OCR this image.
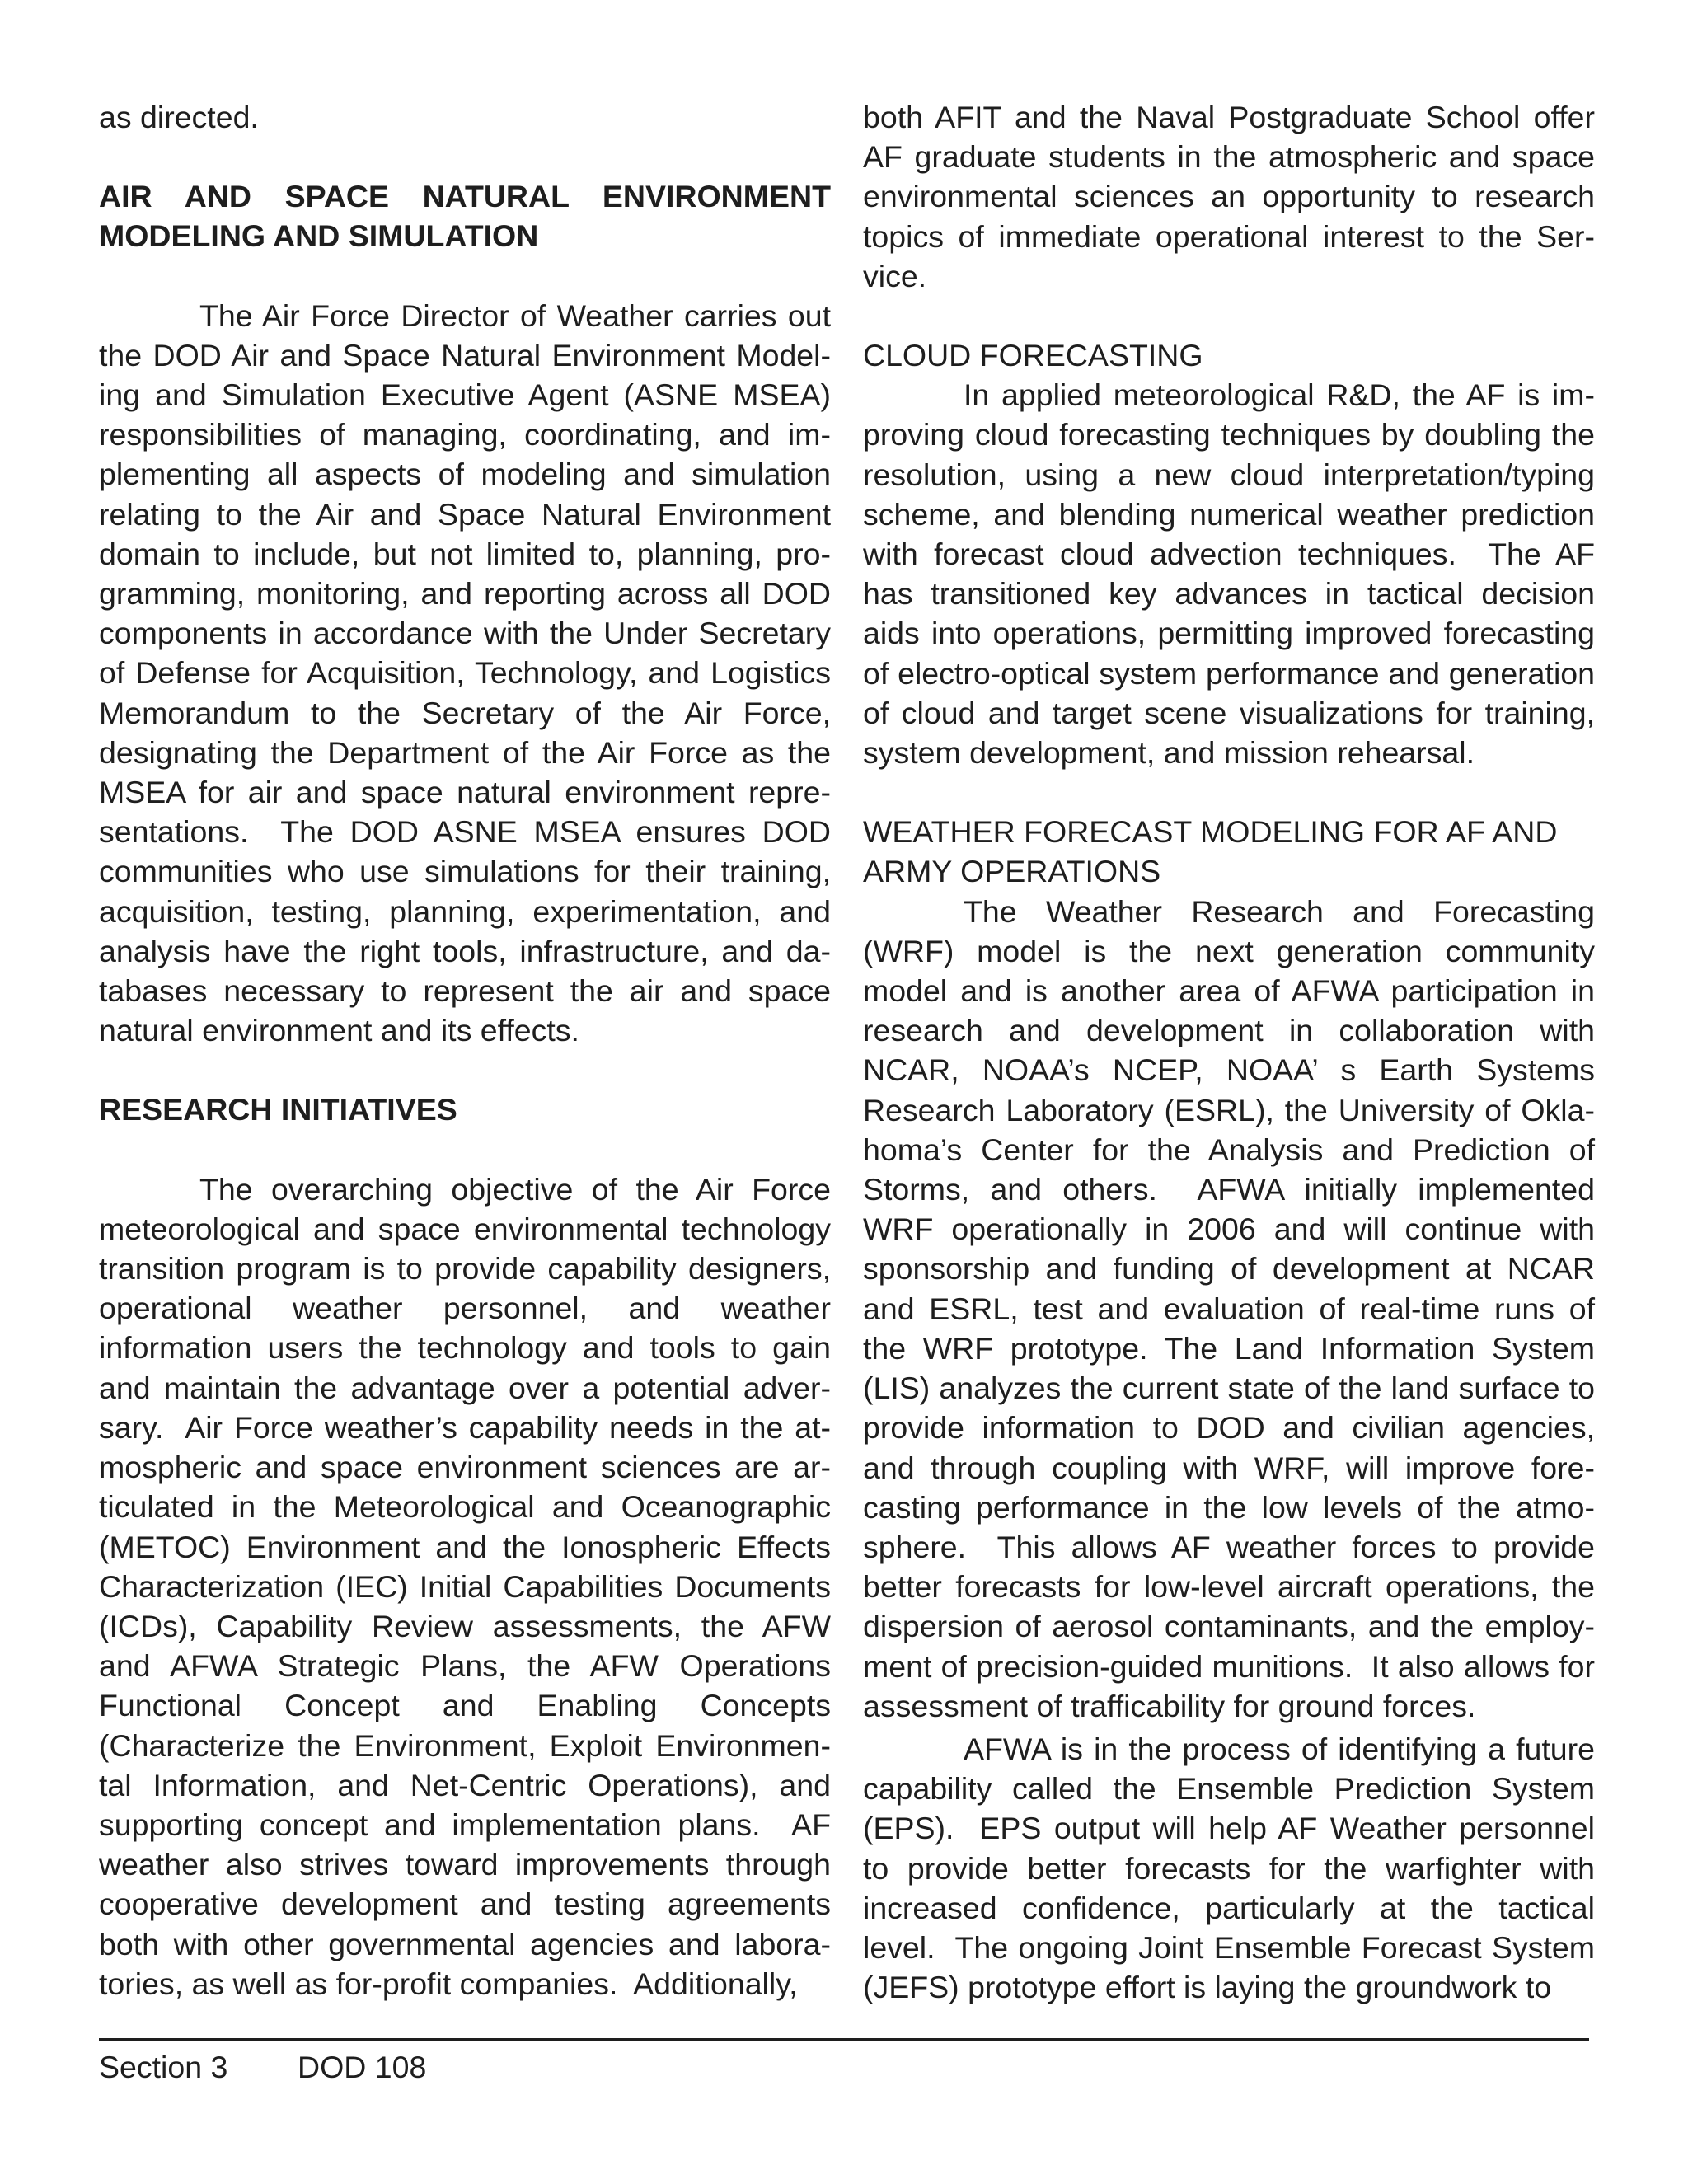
as directed.

AIR AND SPACE NATURAL ENVIRONMENT MODELING AND SIMULATION

The Air Force Director of Weather carries out the DOD Air and Space Natural Environment Modeling and Simulation Executive Agent (ASNE MSEA) responsibilities of managing, coordinating, and implementing all aspects of modeling and simulation relating to the Air and Space Natural Environment domain to include, but not limited to, planning, programming, monitoring, and reporting across all DOD components in accordance with the Under Secretary of Defense for Acquisition, Technology, and Logistics Memorandum to the Secretary of the Air Force, designating the Department of the Air Force as the MSEA for air and space natural environment representations.  The DOD ASNE MSEA ensures DOD communities who use simulations for their training, acquisition, testing, planning, experimentation, and analysis have the right tools, infrastructure, and databases necessary to represent the air and space natural environment and its effects.

RESEARCH INITIATIVES

The overarching objective of the Air Force meteorological and space environmental technology transition program is to provide capability designers, operational weather personnel, and weather information users the technology and tools to gain and maintain the advantage over a potential adversary.  Air Force weather’s capability needs in the atmospheric and space environment sciences are articulated in the Meteorological and Oceanographic (METOC) Environment and the Ionospheric Effects Characterization (IEC) Initial Capabilities Documents (ICDs), Capability Review assessments, the AFW and AFWA Strategic Plans, the AFW Operations Functional Concept and Enabling Concepts (Characterize the Environment, Exploit Environmental Information, and Net-Centric Operations), and supporting concept and implementation plans.  AF weather also strives toward improvements through cooperative development and testing agreements both with other governmental agencies and laboratories, as well as for-profit companies.  Additionally,

both AFIT and the Naval Postgraduate School offer AF graduate students in the atmospheric and space environmental sciences an opportunity to research topics of immediate operational interest to the Service.

CLOUD FORECASTING

In applied meteorological R&D, the AF is improving cloud forecasting techniques by doubling the resolution, using a new cloud interpretation/typing scheme, and blending numerical weather prediction with forecast cloud advection techniques.  The AF has transitioned key advances in tactical decision aids into operations, permitting improved forecasting of electro-optical system performance and generation of cloud and target scene visualizations for training, system development, and mission rehearsal.

WEATHER FORECAST MODELING FOR AF AND ARMY OPERATIONS

The Weather Research and Forecasting (WRF) model is the next generation community model and is another area of AFWA participation in research and development in collaboration with NCAR, NOAA’s NCEP, NOAA’ s Earth Systems Research Laboratory (ESRL), the University of Oklahoma’s Center for the Analysis and Prediction of Storms, and others.  AFWA initially implemented WRF operationally in 2006 and will continue with sponsorship and funding of development at NCAR and ESRL, test and evaluation of real-time runs of the WRF prototype. The Land Information System (LIS) analyzes the current state of the land surface to provide information to DOD and civilian agencies, and through coupling with WRF, will improve forecasting performance in the low levels of the atmosphere.  This allows AF weather forces to provide better forecasts for low-level aircraft operations, the dispersion of aerosol contaminants, and the employment of precision-guided munitions.  It also allows for assessment of trafficability for ground forces.

AFWA is in the process of identifying a future capability called the Ensemble Prediction System (EPS).  EPS output will help AF Weather personnel to provide better forecasts for the warfighter with increased confidence, particularly at the tactical level.  The ongoing Joint Ensemble Forecast System (JEFS) prototype effort is laying the groundwork to

Section 3 DOD 108
